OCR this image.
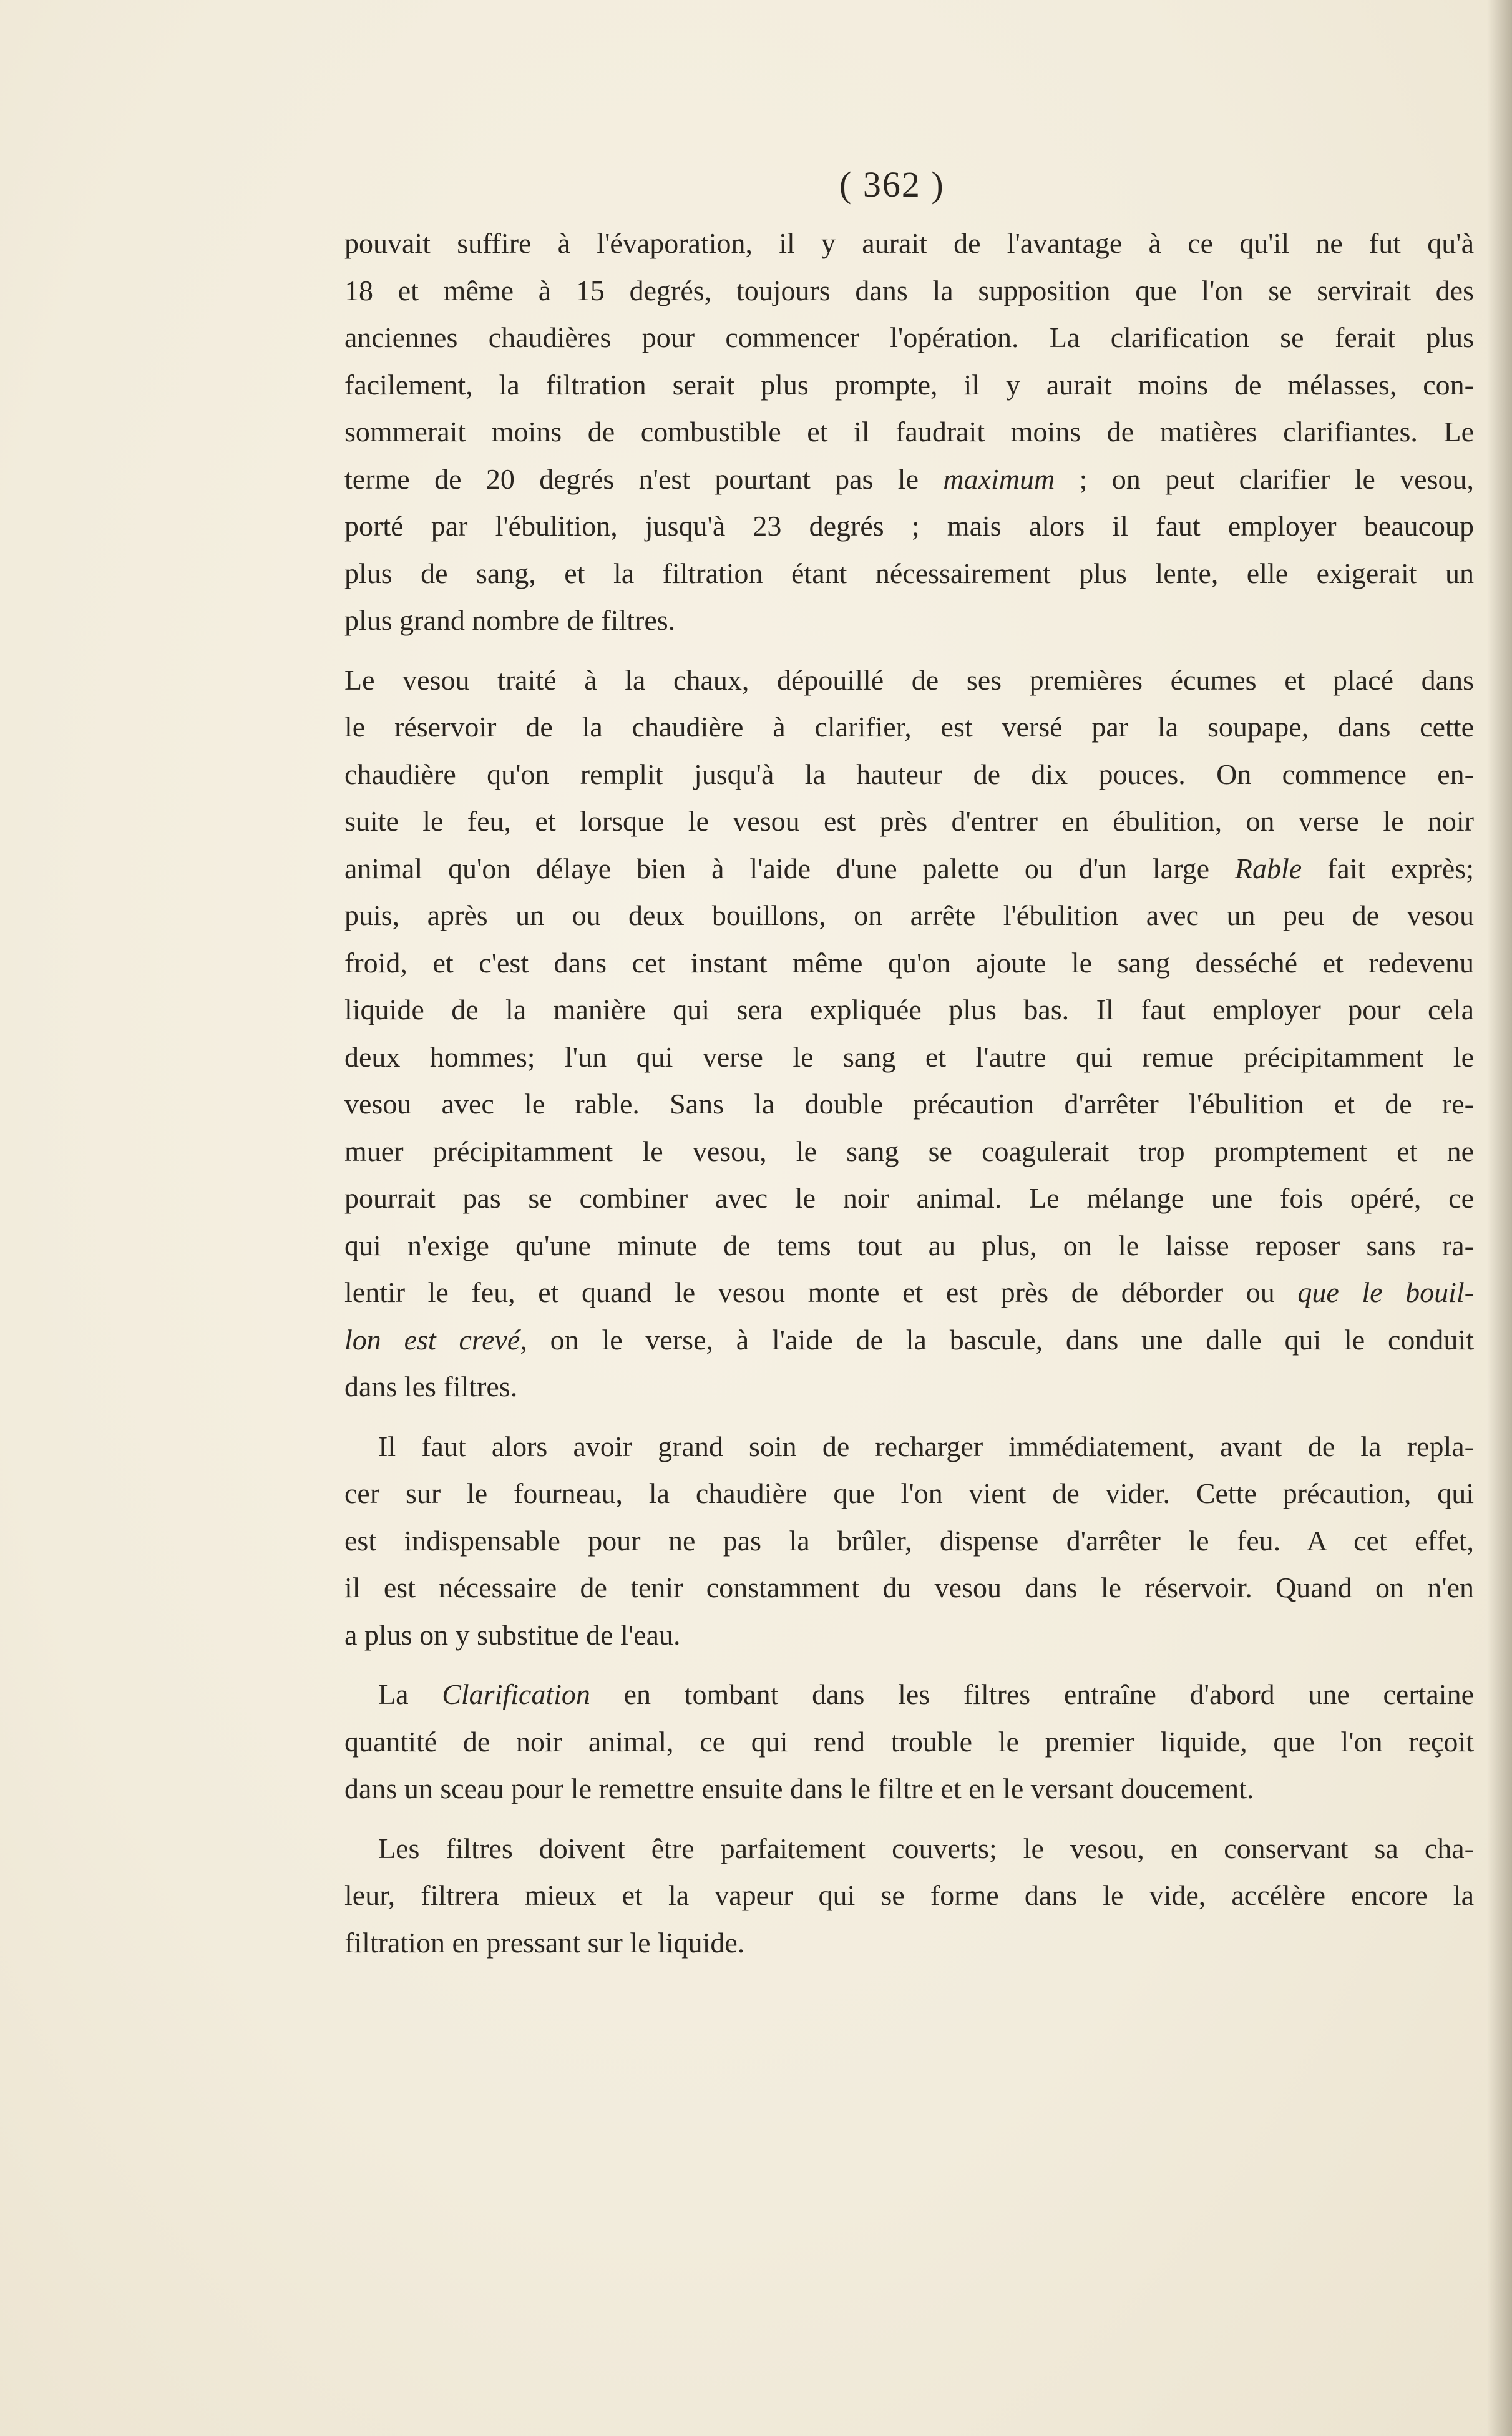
( 362 )
pouvait suffire à l'évaporation, il y aurait de l'avantage à ce qu'il ne fut qu'à
18 et même à 15 degrés, toujours dans la supposition que l'on se servirait des
anciennes chaudières pour commencer l'opération. La clarification se ferait plus
facilement, la filtration serait plus prompte, il y aurait moins de mélasses, con-
sommerait moins de combustible et il faudrait moins de matières clarifiantes. Le
terme de 20 degrés n'est pourtant pas le maximum ; on peut clarifier le vesou,
porté par l'ébulition, jusqu'à 23 degrés ; mais alors il faut employer beaucoup
plus de sang, et la filtration étant nécessairement plus lente, elle exigerait un
plus grand nombre de filtres.
Le vesou traité à la chaux, dépouillé de ses premières écumes et placé dans
le réservoir de la chaudière à clarifier, est versé par la soupape, dans cette
chaudière qu'on remplit jusqu'à la hauteur de dix pouces. On commence en-
suite le feu, et lorsque le vesou est près d'entrer en ébulition, on verse le noir
animal qu'on délaye bien à l'aide d'une palette ou d'un large Rable fait exprès;
puis, après un ou deux bouillons, on arrête l'ébulition avec un peu de vesou
froid, et c'est dans cet instant même qu'on ajoute le sang desséché et redevenu
liquide de la manière qui sera expliquée plus bas. Il faut employer pour cela
deux hommes; l'un qui verse le sang et l'autre qui remue précipitamment le
vesou avec le rable. Sans la double précaution d'arrêter l'ébulition et de re-
muer précipitamment le vesou, le sang se coagulerait trop promptement et ne
pourrait pas se combiner avec le noir animal. Le mélange une fois opéré, ce
qui n'exige qu'une minute de tems tout au plus, on le laisse reposer sans ra-
lentir le feu, et quand le vesou monte et est près de déborder ou que le bouil-
lon est crevé, on le verse, à l'aide de la bascule, dans une dalle qui le conduit
dans les filtres.
Il faut alors avoir grand soin de recharger immédiatement, avant de la repla-
cer sur le fourneau, la chaudière que l'on vient de vider. Cette précaution, qui
est indispensable pour ne pas la brûler, dispense d'arrêter le feu. A cet effet,
il est nécessaire de tenir constamment du vesou dans le réservoir. Quand on n'en
a plus on y substitue de l'eau.
La Clarification en tombant dans les filtres entraîne d'abord une certaine
quantité de noir animal, ce qui rend trouble le premier liquide, que l'on reçoit
dans un sceau pour le remettre ensuite dans le filtre et en le versant doucement.
Les filtres doivent être parfaitement couverts; le vesou, en conservant sa cha-
leur, filtrera mieux et la vapeur qui se forme dans le vide, accélère encore la
filtration en pressant sur le liquide.
